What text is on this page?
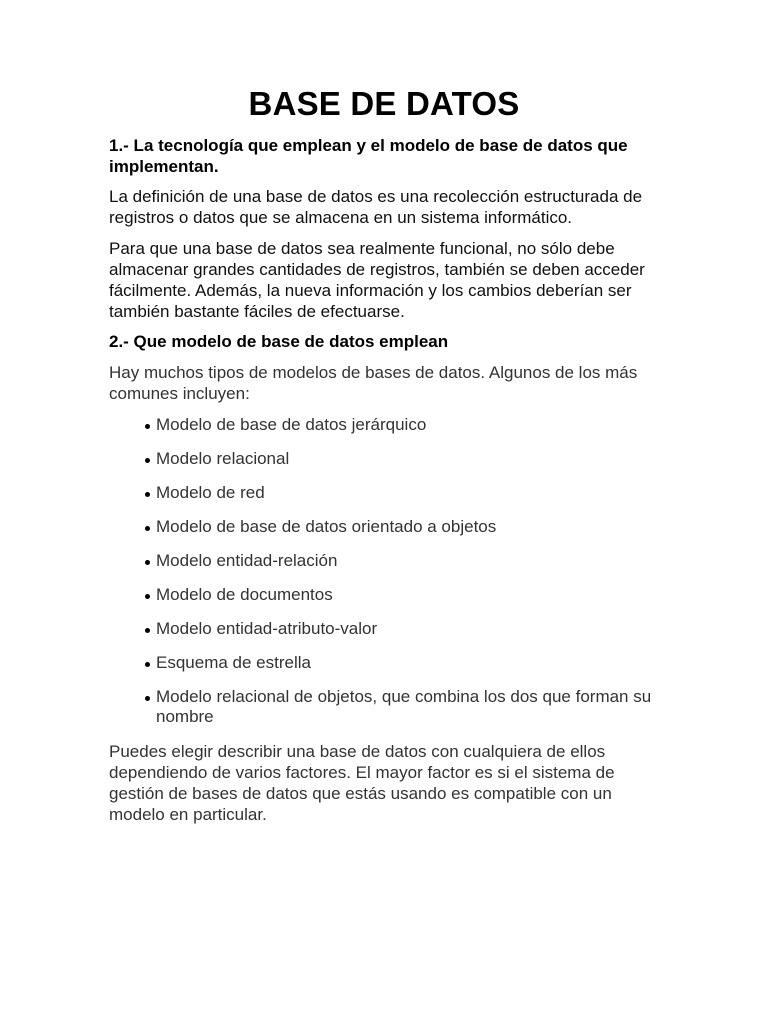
BASE DE DATOS

1.- La tecnología que emplean y el modelo de base de datos que implementan.

La definición de una base de datos es una recolección estructurada de registros o datos que se almacena en un sistema informático.

Para que una base de datos sea realmente funcional, no sólo debe almacenar grandes cantidades de registros, también se deben acceder fácilmente. Además, la nueva información y los cambios deberían ser también bastante fáciles de efectuarse.

2.- Que modelo de base de datos emplean

Hay muchos tipos de modelos de bases de datos. Algunos de los más comunes incluyen:

Modelo de base de datos jerárquico
Modelo relacional
Modelo de red
Modelo de base de datos orientado a objetos
Modelo entidad-relación
Modelo de documentos
Modelo entidad-atributo-valor
Esquema de estrella
Modelo relacional de objetos, que combina los dos que forman su nombre

Puedes elegir describir una base de datos con cualquiera de ellos dependiendo de varios factores. El mayor factor es si el sistema de gestión de bases de datos que estás usando es compatible con un modelo en particular.
